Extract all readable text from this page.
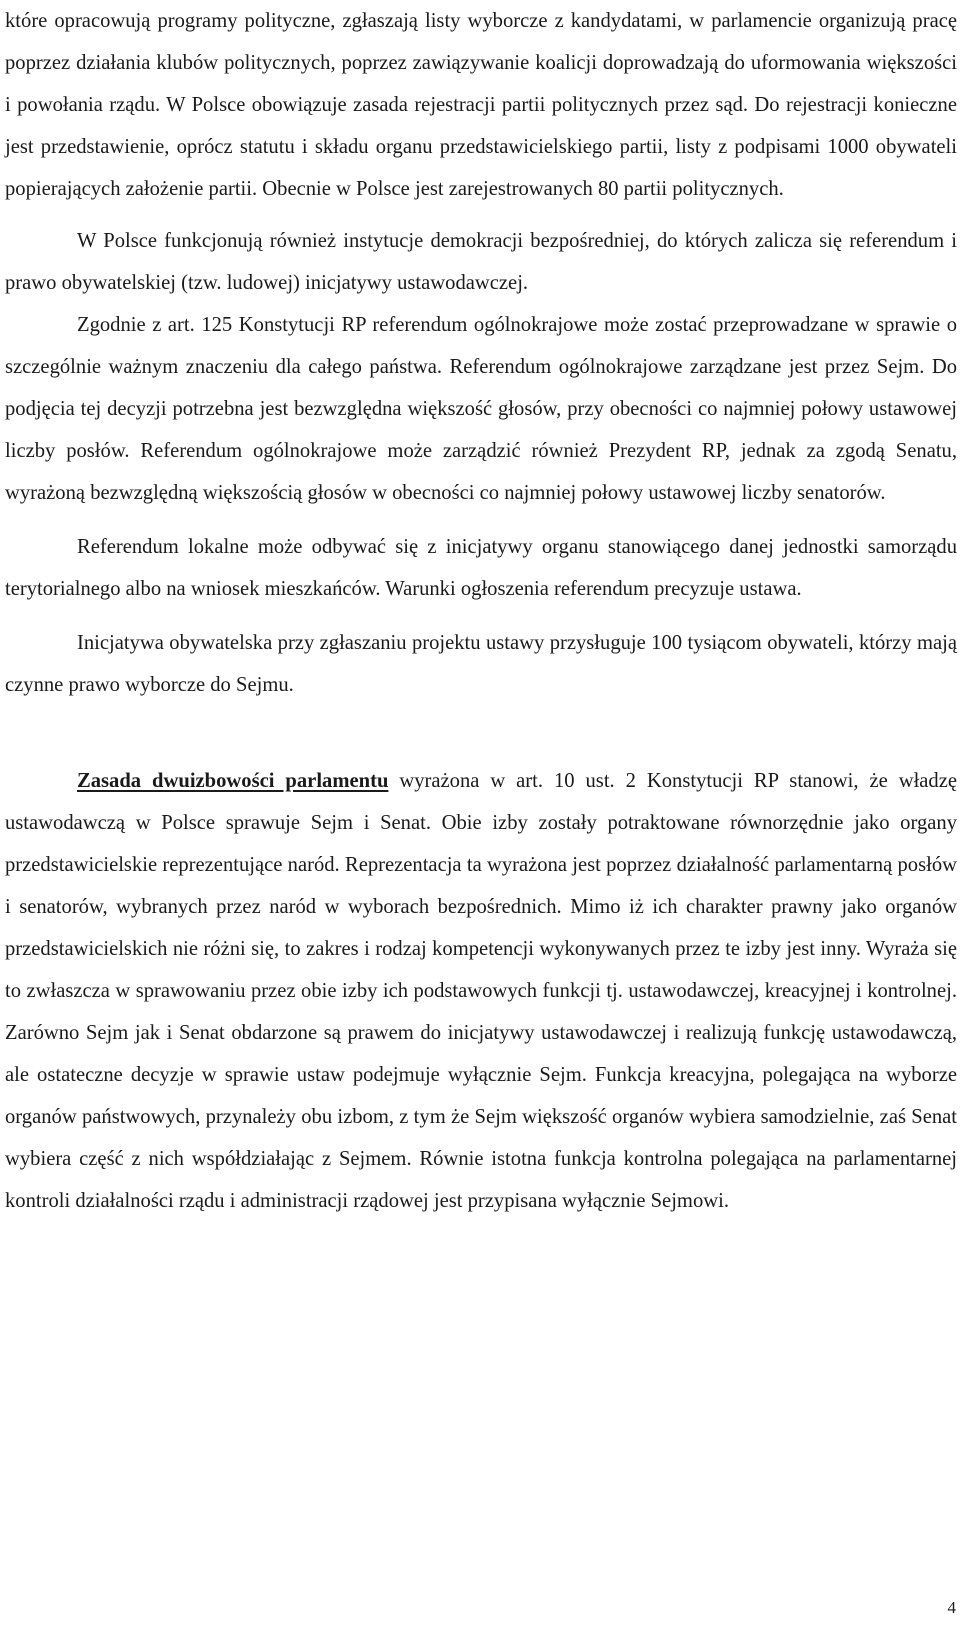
które opracowują programy polityczne, zgłaszają listy wyborcze z kandydatami, w parlamencie organizują pracę poprzez działania klubów politycznych, poprzez zawiązywanie koalicji doprowadzają do uformowania większości i powołania rządu. W Polsce obowiązuje zasada rejestracji partii politycznych przez sąd. Do rejestracji konieczne jest przedstawienie, oprócz statutu i składu organu przedstawicielskiego partii, listy z podpisami 1000 obywateli popierających założenie partii. Obecnie w Polsce jest zarejestrowanych 80 partii politycznych.

W Polsce funkcjonują również instytucje demokracji bezpośredniej, do których zalicza się referendum i prawo obywatelskiej (tzw. ludowej) inicjatywy ustawodawczej.

Zgodnie z art. 125 Konstytucji RP referendum ogólnokrajowe może zostać przeprowadzane w sprawie o szczególnie ważnym znaczeniu dla całego państwa. Referendum ogólnokrajowe zarządzane jest przez Sejm. Do podjęcia tej decyzji potrzebna jest bezwzględna większość głosów, przy obecności co najmniej połowy ustawowej liczby posłów. Referendum ogólnokrajowe może zarządzić również Prezydent RP, jednak za zgodą Senatu, wyrażoną bezwzględną większością głosów w obecności co najmniej połowy ustawowej liczby senatorów.

Referendum lokalne może odbywać się z inicjatywy organu stanowiącego danej jednostki samorządu terytorialnego albo na wniosek mieszkańców. Warunki ogłoszenia referendum precyzuje ustawa.

Inicjatywa obywatelska przy zgłaszaniu projektu ustawy przysługuje 100 tysiącom obywateli, którzy mają czynne prawo wyborcze do Sejmu.

Zasada dwuizbowości parlamentu wyrażona w art. 10 ust. 2 Konstytucji RP stanowi, że władzę ustawodawczą w Polsce sprawuje Sejm i Senat. Obie izby zostały potraktowane równorzędnie jako organy przedstawicielskie reprezentujące naród. Reprezentacja ta wyrażona jest poprzez działalność parlamentarną posłów i senatorów, wybranych przez naród w wyborach bezpośrednich. Mimo iż ich charakter prawny jako organów przedstawicielskich nie różni się, to zakres i rodzaj kompetencji wykonywanych przez te izby jest inny. Wyraża się to zwłaszcza w sprawowaniu przez obie izby ich podstawowych funkcji tj. ustawodawczej, kreacyjnej i kontrolnej. Zarówno Sejm jak i Senat obdarzone są prawem do inicjatywy ustawodawczej i realizują funkcję ustawodawczą, ale ostateczne decyzje w sprawie ustaw podejmuje wyłącznie Sejm. Funkcja kreacyjna, polegająca na wyborze organów państwowych, przynależy obu izbom, z tym że Sejm większość organów wybiera samodzielnie, zaś Senat wybiera część z nich współdziałając z Sejmem. Równie istotna funkcja kontrolna polegająca na parlamentarnej kontroli działalności rządu i administracji rządowej jest przypisana wyłącznie Sejmowi.

4
